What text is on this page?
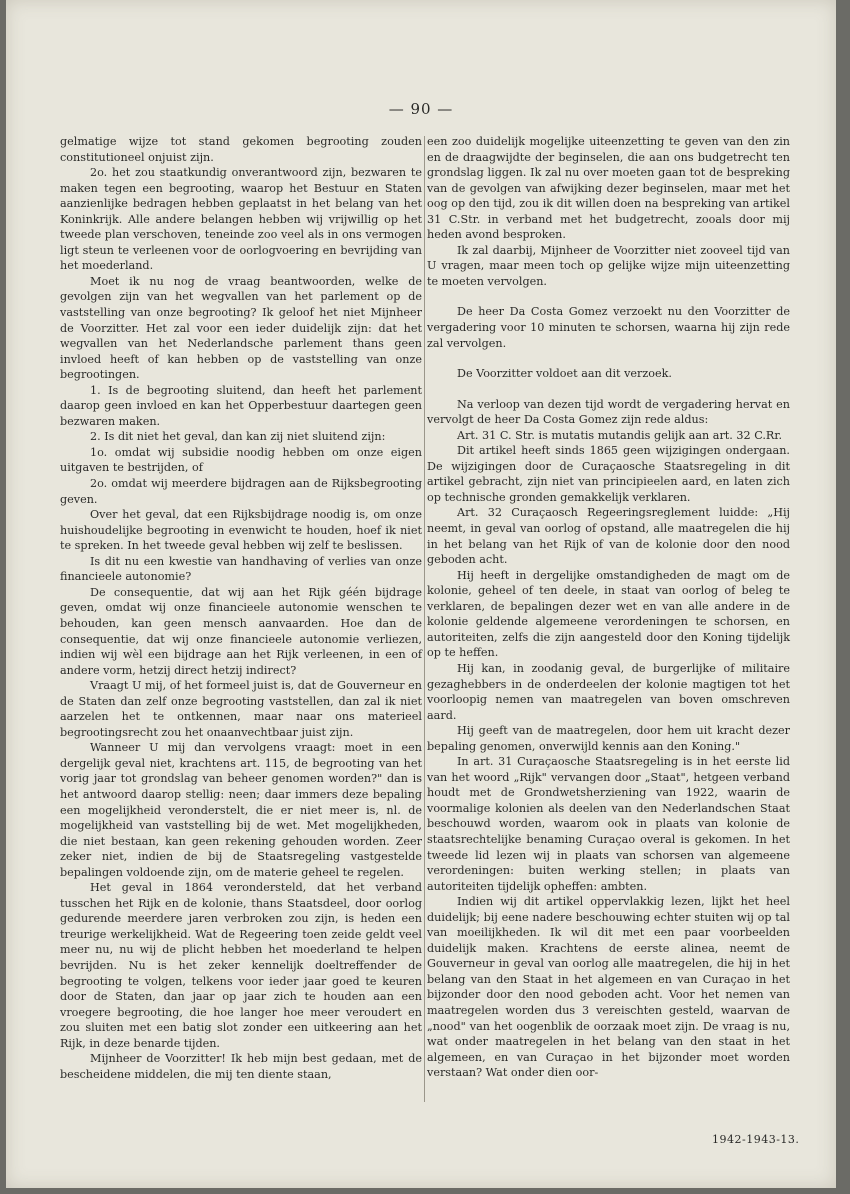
— 90 —

gelmatige wijze tot stand gekomen begrooting zouden constitutioneel onjuist zijn.

2o. het zou staatkundig onverantwoord zijn, bezwaren te maken tegen een begrooting, waarop het Bestuur en Staten aanzienlijke bedragen hebben geplaatst in het belang van het Koninkrijk. Alle andere belangen hebben wij vrijwillig op het tweede plan verschoven, teneinde zoo veel als in ons vermogen ligt steun te verleenen voor de oorlogvoering en bevrijding van het moederland.

Moet ik nu nog de vraag beantwoorden, welke de gevolgen zijn van het wegvallen van het parlement op de vaststelling van onze begrooting? Ik geloof het niet Mijnheer de Voorzitter. Het zal voor een ieder duidelijk zijn: dat het wegvallen van het Nederlandsche parlement thans geen invloed heeft of kan hebben op de vaststelling van onze begrootingen.

1. Is de begrooting sluitend, dan heeft het parlement daarop geen invloed en kan het Opperbestuur daartegen geen bezwaren maken.

2. Is dit niet het geval, dan kan zij niet sluitend zijn:

1o. omdat wij subsidie noodig hebben om onze eigen uitgaven te bestrijden, of

2o. omdat wij meerdere bijdragen aan de Rijksbegrooting geven.

Over het geval, dat een Rijksbijdrage noodig is, om onze huishoudelijke begrooting in evenwicht te houden, hoef ik niet te spreken. In het tweede geval hebben wij zelf te beslissen.

Is dit nu een kwestie van handhaving of verlies van onze financieele autonomie?

De consequentie, dat wij aan het Rijk géén bijdrage geven, omdat wij onze financieele autonomie wenschen te behouden, kan geen mensch aanvaarden. Hoe dan de consequentie, dat wij onze financieele autonomie verliezen, indien wij wèl een bijdrage aan het Rijk verleenen, in een of andere vorm, hetzij direct hetzij indirect?

Vraagt U mij, of het formeel juist is, dat de Gouverneur en de Staten dan zelf onze begrooting vaststellen, dan zal ik niet aarzelen het te ontkennen, maar naar ons materieel begrootingsrecht zou het onaanvechtbaar juist zijn.

Wanneer U mij dan vervolgens vraagt: moet in een dergelijk geval niet, krachtens art. 115, de begrooting van het vorig jaar tot grondslag van beheer genomen worden?" dan is het antwoord daarop stellig: neen; daar immers deze bepaling een mogelijkheid veronderstelt, die er niet meer is, nl. de mogelijkheid van vaststelling bij de wet. Met mogelijkheden, die niet bestaan, kan geen rekening gehouden worden. Zeer zeker niet, indien de bij de Staatsregeling vastgestelde bepalingen voldoende zijn, om de materie geheel te regelen.

Het geval in 1864 verondersteld, dat het verband tusschen het Rijk en de kolonie, thans Staatsdeel, door oorlog gedurende meerdere jaren verbroken zou zijn, is heden een treurige werkelijkheid. Wat de Regeering toen zeide geldt veel meer nu, nu wij de plicht hebben het moederland te helpen bevrijden. Nu is het zeker kennelijk doeltreffender de begrooting te volgen, telkens voor ieder jaar goed te keuren door de Staten, dan jaar op jaar zich te houden aan een vroegere begrooting, die hoe langer hoe meer veroudert en zou sluiten met een batig slot zonder een uitkeering aan het Rijk, in deze benarde tijden.

Mijnheer de Voorzitter! Ik heb mijn best gedaan, met de bescheidene middelen, die mij ten diente staan,

een zoo duidelijk mogelijke uiteenzetting te geven van den zin en de draagwijdte der beginselen, die aan ons budgetrecht ten grondslag liggen. Ik zal nu over moeten gaan tot de bespreking van de gevolgen van afwijking dezer beginselen, maar met het oog op den tijd, zou ik dit willen doen na bespreking van artikel 31 C.Str. in verband met het budgetrecht, zooals door mij heden avond besproken.

Ik zal daarbij, Mijnheer de Voorzitter niet zooveel tijd van U vragen, maar meen toch op gelijke wijze mijn uiteenzetting te moeten vervolgen.

De heer Da Costa Gomez verzoekt nu den Voorzitter de vergadering voor 10 minuten te schorsen, waarna hij zijn rede zal vervolgen.

De Voorzitter voldoet aan dit verzoek.

Na verloop van dezen tijd wordt de vergadering hervat en vervolgt de heer Da Costa Gomez zijn rede aldus:

Art. 31 C. Str. is mutatis mutandis gelijk aan art. 32 C.Rr.

Dit artikel heeft sinds 1865 geen wijzigingen ondergaan. De wijzigingen door de Curaçaosche Staatsregeling in dit artikel gebracht, zijn niet van principieelen aard, en laten zich op technische gronden gemakkelijk verklaren.

Art. 32 Curaçaosch Regeeringsreglement luidde: „Hij neemt, in geval van oorlog of opstand, alle maatregelen die hij in het belang van het Rijk of van de kolonie door den nood geboden acht.

Hij heeft in dergelijke omstandigheden de magt om de kolonie, geheel of ten deele, in staat van oorlog of beleg te verklaren, de bepalingen dezer wet en van alle andere in de kolonie geldende algemeene verordeningen te schorsen, en autoriteiten, zelfs die zijn aangesteld door den Koning tijdelijk op te heffen.

Hij kan, in zoodanig geval, de burgerlijke of militaire gezaghebbers in de onderdeelen der kolonie magtigen tot het voorloopig nemen van maatregelen van boven omschreven aard.

Hij geeft van de maatregelen, door hem uit kracht dezer bepaling genomen, onverwijld kennis aan den Koning."

In art. 31 Curaçaosche Staatsregeling is in het eerste lid van het woord „Rijk" vervangen door „Staat", hetgeen verband houdt met de Grondwetsherziening van 1922, waarin de voormalige kolonien als deelen van den Nederlandschen Staat beschouwd worden, waarom ook in plaats van kolonie de staatsrechtelijke benaming Curaçao overal is gekomen. In het tweede lid lezen wij in plaats van schorsen van algemeene verordeningen: buiten werking stellen; in plaats van autoriteiten tijdelijk opheffen: ambten.

Indien wij dit artikel oppervlakkig lezen, lijkt het heel duidelijk; bij eene nadere beschouwing echter stuiten wij op tal van moeilijkheden. Ik wil dit met een paar voorbeelden duidelijk maken. Krachtens de eerste alinea, neemt de Gouverneur in geval van oorlog alle maatregelen, die hij in het belang van den Staat in het algemeen en van Curaçao in het bijzonder door den nood geboden acht. Voor het nemen van maatregelen worden dus 3 vereischten gesteld, waarvan de „nood" van het oogenblik de oorzaak moet zijn. De vraag is nu, wat onder maatregelen in het belang van den staat in het algemeen, en van Curaçao in het bijzonder moet worden verstaan? Wat onder dien oor-

1942-1943-13.
